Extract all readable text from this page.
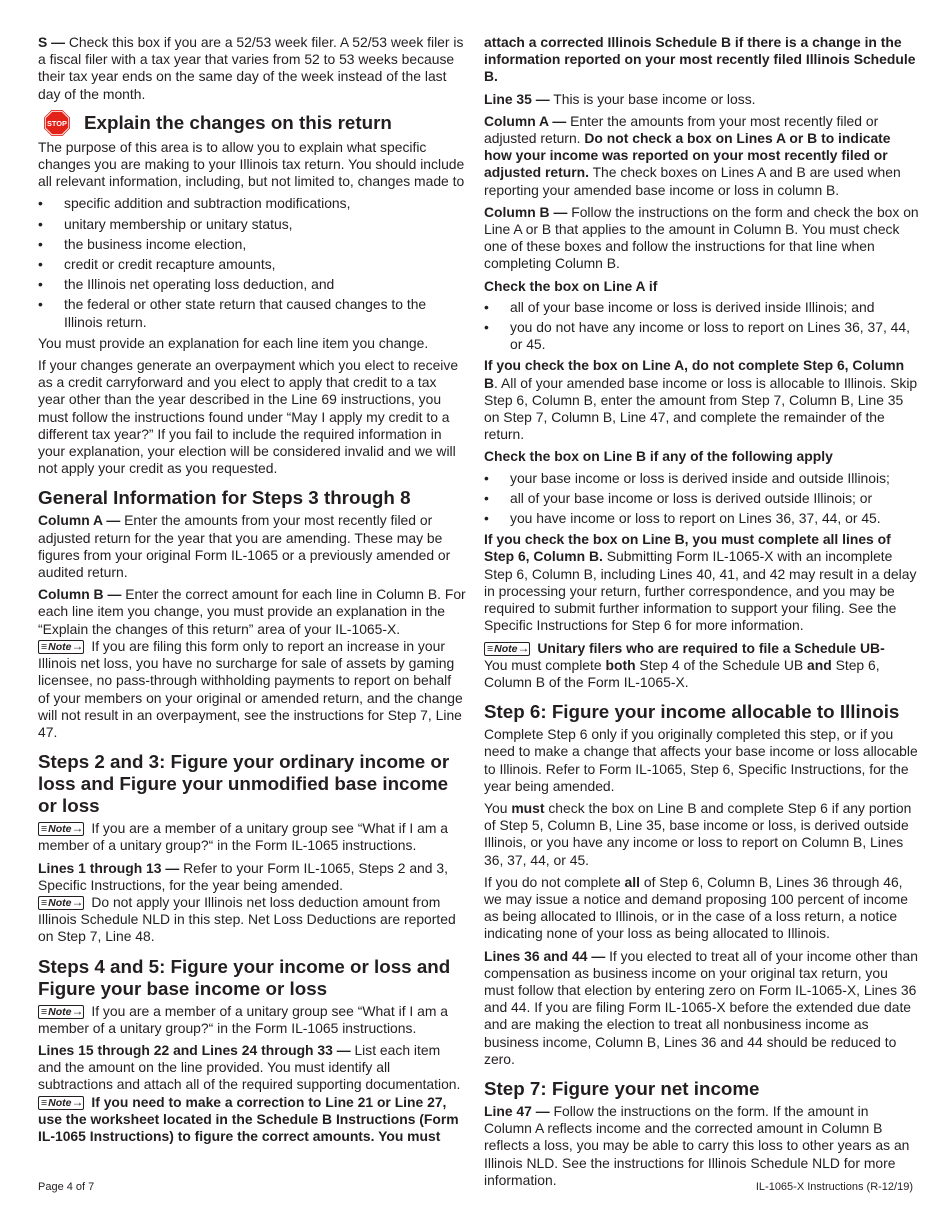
S — Check this box if you are a 52/53 week filer. A 52/53 week filer is a fiscal filer with a tax year that varies from 52 to 53 weeks because their tax year ends on the same day of the week instead of the last day of the month.

STOP Explain the changes on this return

The purpose of this area is to allow you to explain what specific changes you are making to your Illinois tax return. You should include all relevant information, including, but not limited to, changes made to

• specific addition and subtraction modifications,
• unitary membership or unitary status,
• the business income election,
• credit or credit recapture amounts,
• the Illinois net operating loss deduction, and
• the federal or other state return that caused changes to the Illinois return.

You must provide an explanation for each line item you change.

If your changes generate an overpayment which you elect to receive as a credit carryforward and you elect to apply that credit to a tax year other than the year described in the Line 69 instructions, you must follow the instructions found under “May I apply my credit to a different tax year?” If you fail to include the required information in your explanation, your election will be considered invalid and we will not apply your credit as you requested.

General Information for Steps 3 through 8

Column A — Enter the amounts from your most recently filed or adjusted return for the year that you are amending. These may be figures from your original Form IL-1065 or a previously amended or audited return.

Column B — Enter the correct amount for each line in Column B. For each line item you change, you must provide an explanation in the “Explain the changes of this return” area of your IL-1065-X.
≡ Note → If you are filing this form only to report an increase in your Illinois net loss, you have no surcharge for sale of assets by gaming licensee, no pass-through withholding payments to report on behalf of your members on your original or amended return, and the change will not result in an overpayment, see the instructions for Step 7, Line 47.

Steps 2 and 3: Figure your ordinary income or loss and Figure your unmodified base income or loss

≡ Note → If you are a member of a unitary group see “What if I am a member of a unitary group?“ in the Form IL-1065 instructions.

Lines 1 through 13 — Refer to your Form IL-1065, Steps 2 and 3, Specific Instructions, for the year being amended.
≡ Note → Do not apply your Illinois net loss deduction amount from Illinois Schedule NLD in this step. Net Loss Deductions are reported on Step 7, Line 48.

Steps 4 and 5: Figure your income or loss and Figure your base income or loss

≡ Note → If you are a member of a unitary group see “What if I am a member of a unitary group?“ in the Form IL-1065 instructions.

Lines 15 through 22 and Lines 24 through 33 — List each item and the amount on the line provided. You must identify all subtractions and attach all of the required supporting documentation.
≡ Note → If you need to make a correction to Line 21 or Line 27, use the worksheet located in the Schedule B Instructions (Form IL-1065 Instructions) to figure the correct amounts. You must

attach a corrected Illinois Schedule B if there is a change in the information reported on your most recently filed Illinois Schedule B.

Line 35 — This is your base income or loss.

Column A — Enter the amounts from your most recently filed or adjusted return. Do not check a box on Lines A or B to indicate how your income was reported on your most recently filed or adjusted return. The check boxes on Lines A and B are used when reporting your amended base income or loss in column B.

Column B — Follow the instructions on the form and check the box on Line A or B that applies to the amount in Column B. You must check one of these boxes and follow the instructions for that line when completing Column B.

Check the box on Line A if

• all of your base income or loss is derived inside Illinois; and
• you do not have any income or loss to report on Lines 36, 37, 44, or 45.

If you check the box on Line A, do not complete Step 6, Column B. All of your amended base income or loss is allocable to Illinois. Skip Step 6, Column B, enter the amount from Step 7, Column B, Line 35 on Step 7, Column B, Line 47, and complete the remainder of the return.

Check the box on Line B if any of the following apply

• your base income or loss is derived inside and outside Illinois;
• all of your base income or loss is derived outside Illinois; or
• you have income or loss to report on Lines 36, 37, 44, or 45.

If you check the box on Line B, you must complete all lines of Step 6, Column B. Submitting Form IL-1065-X with an incomplete Step 6, Column B, including Lines 40, 41, and 42 may result in a delay in processing your return, further correspondence, and you may be required to submit further information to support your filing. See the Specific Instructions for Step 6 for more information.

≡ Note → Unitary filers who are required to file a Schedule UB-
You must complete both Step 4 of the Schedule UB and Step 6, Column B of the Form IL-1065-X.

Step 6: Figure your income allocable to Illinois

Complete Step 6 only if you originally completed this step, or if you need to make a change that affects your base income or loss allocable to Illinois. Refer to Form IL-1065, Step 6, Specific Instructions, for the year being amended.

You must check the box on Line B and complete Step 6 if any portion of Step 5, Column B, Line 35, base income or loss, is derived outside Illinois, or you have any income or loss to report on Column B, Lines 36, 37, 44, or 45.

If you do not complete all of Step 6, Column B, Lines 36 through 46, we may issue a notice and demand proposing 100 percent of income as being allocated to Illinois, or in the case of a loss return, a notice indicating none of your loss as being allocated to Illinois.

Lines 36 and 44 — If you elected to treat all of your income other than compensation as business income on your original tax return, you must follow that election by entering zero on Form IL-1065-X, Lines 36 and 44. If you are filing Form IL-1065-X before the extended due date and are making the election to treat all nonbusiness income as business income, Column B, Lines 36 and 44 should be reduced to zero.

Step 7: Figure your net income

Line 47 — Follow the instructions on the form. If the amount in Column A reflects income and the corrected amount in Column B reflects a loss, you may be able to carry this loss to other years as an Illinois NLD. See the instructions for Illinois Schedule NLD for more information.

Page 4 of 7	IL-1065-X Instructions (R-12/19)
